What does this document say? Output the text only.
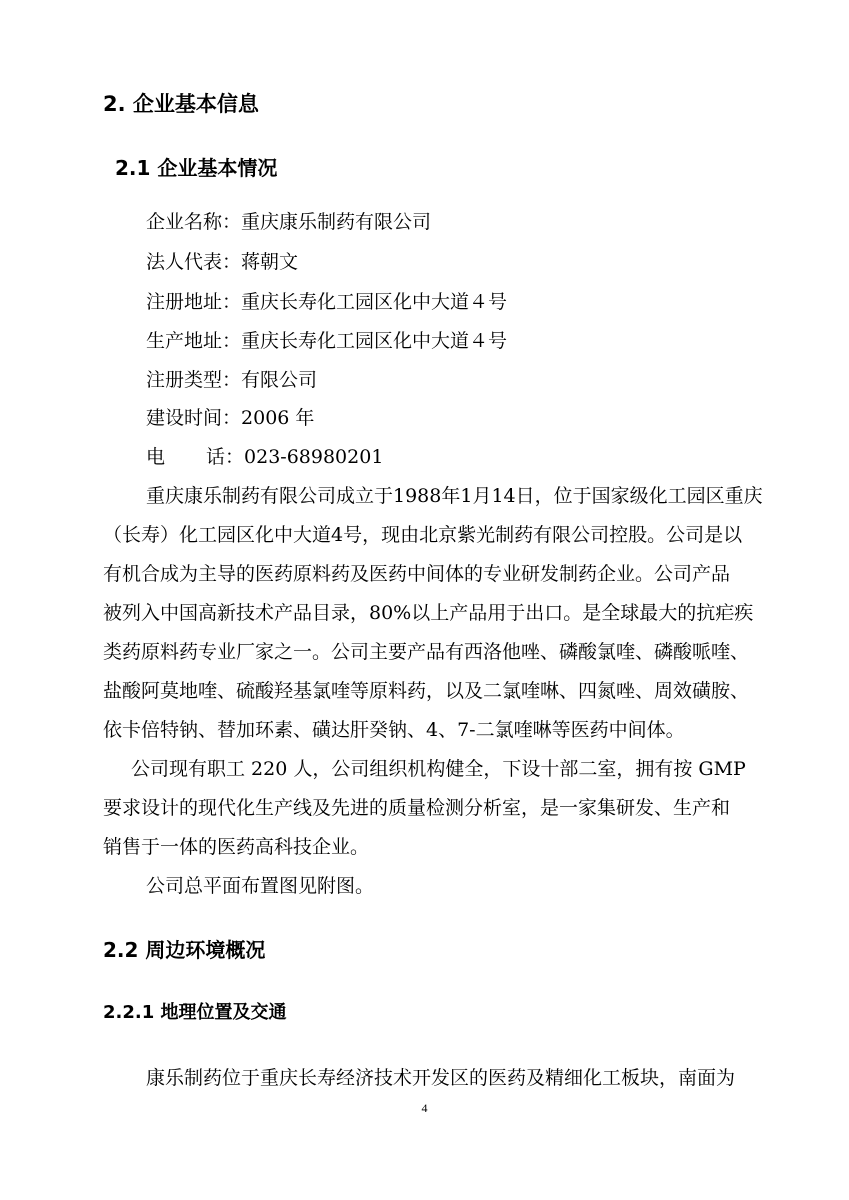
2. 企业基本信息
2.1 企业基本情况
企业名称：重庆康乐制药有限公司
法人代表：蒋朝文
注册地址：重庆长寿化工园区化中大道４号
生产地址：重庆长寿化工园区化中大道４号
注册类型：有限公司
建设时间：2006 年
电 话：023-68980201
重庆康乐制药有限公司成立于1988年1月14日，位于国家级化工园区重庆
（长寿）化工园区化中大道4号，现由北京紫光制药有限公司控股。公司是以
有机合成为主导的医药原料药及医药中间体的专业研发制药企业。公司产品
被列入中国高新技术产品目录，80%以上产品用于出口。是全球最大的抗疟疾
类药原料药专业厂家之一。公司主要产品有西洛他唑、磷酸氯喹、磷酸哌喹、
盐酸阿莫地喹、硫酸羟基氯喹等原料药，以及二氯喹啉、四氮唑、周效磺胺、
依卡倍特钠、替加环素、磺达肝癸钠、4、7-二氯喹啉等医药中间体。
公司现有职工 220 人，公司组织机构健全，下设十部二室，拥有按 GMP
要求设计的现代化生产线及先进的质量检测分析室，是一家集研发、生产和
销售于一体的医药高科技企业。
公司总平面布置图见附图。
2.2 周边环境概况
2.2.1 地理位置及交通
康乐制药位于重庆长寿经济技术开发区的医药及精细化工板块，南面为
4
